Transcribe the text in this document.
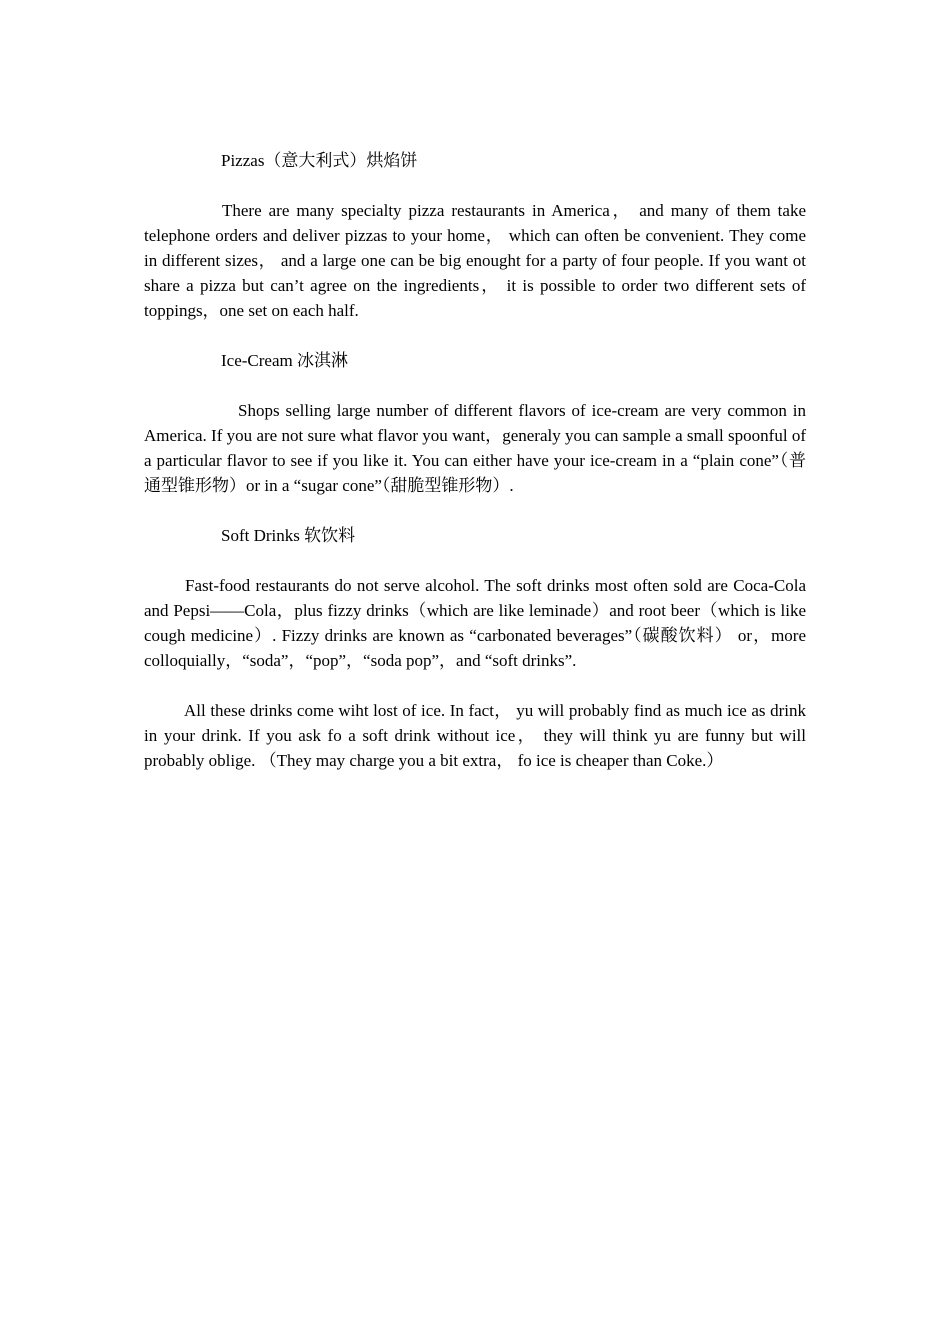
Pizzas（意大利式）烘焰饼

There are many specialty pizza restaurants in America， and many of them take telephone orders and deliver pizzas to your home， which can often be convenient. They come in different sizes， and a large one can be big enought for a party of four people. If you want ot share a pizza but can’t agree on the ingredients， it is possible to order two different sets of toppings，one set on each half.

Ice-Cream 冰淇淋

Shops selling large number of different flavors of ice-cream are very common in America. If you are not sure what flavor you want，generaly you can sample a small spoonful of a particular flavor to see if you like it. You can either have your ice-cream in a “plain cone”（普通型锥形物）or in a “sugar cone”（甜脆型锥形物）.

Soft Drinks 软饮料

Fast-food restaurants do not serve alcohol. The soft drinks most often sold are Coca-Cola and Pepsi——Cola，plus fizzy drinks（which are like leminade）and root beer（which is like cough medicine）. Fizzy drinks are known as “carbonated beverages”（碳酸饮料） or，more colloquially，“soda”，“pop”，“soda pop”，and “soft drinks”.

All these drinks come wiht lost of ice. In fact， yu will probably find as much ice as drink in your drink. If you ask fo a soft drink without ice， they will think yu are funny but will probably oblige. （They may charge you a bit extra， fo ice is cheaper than Coke.）
